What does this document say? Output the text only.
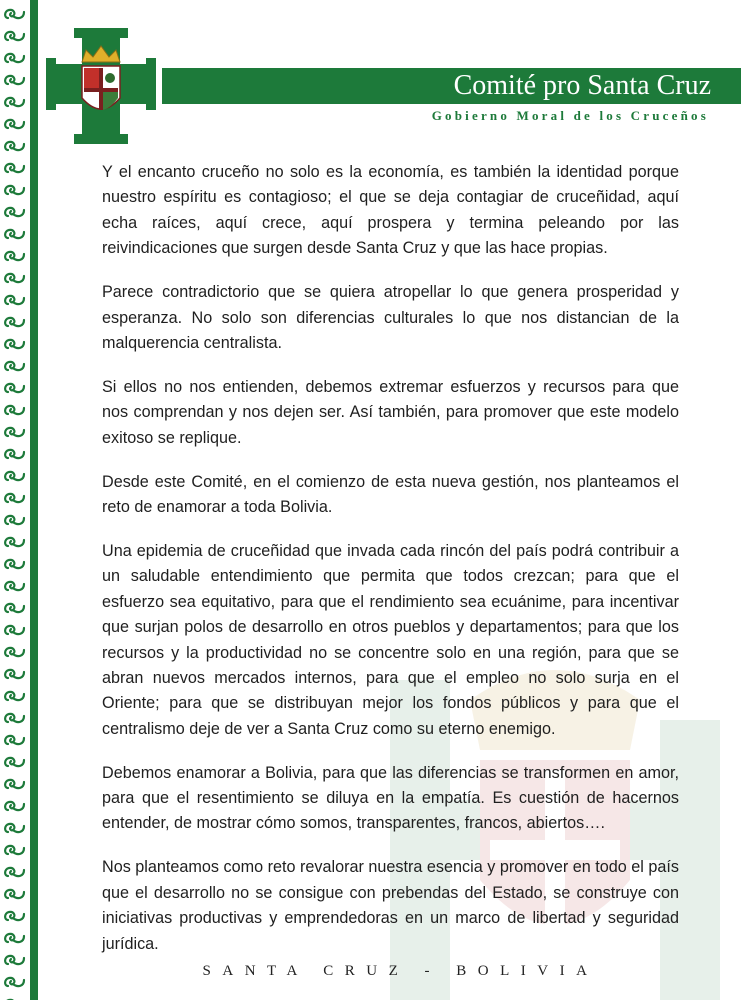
Comité pro Santa Cruz
Gobierno Moral de los Cruceños

Y el encanto cruceño no solo es la economía, es también la identidad porque nuestro espíritu es contagioso; el que se deja contagiar de cruceñidad, aquí echa raíces, aquí crece, aquí prospera y termina peleando por las reivindicaciones que surgen desde Santa Cruz y que las hace propias.

Parece contradictorio que se quiera atropellar lo que genera prosperidad y esperanza. No solo son diferencias culturales lo que nos distancian de la malquerencia centralista.

Si ellos no nos entienden, debemos extremar esfuerzos y recursos para que nos comprendan y nos dejen ser. Así también, para promover que este modelo exitoso se replique.

Desde este Comité, en el comienzo de esta nueva gestión, nos planteamos el reto de enamorar a toda Bolivia.

Una epidemia de cruceñidad que invada cada rincón del país podrá contribuir a un saludable entendimiento que permita que todos crezcan; para que el esfuerzo sea equitativo, para que el rendimiento sea ecuánime, para incentivar que surjan polos de desarrollo en otros pueblos y departamentos; para que los recursos y la productividad no se concentre solo en una región, para que se abran nuevos mercados internos, para que el empleo no solo surja en el Oriente; para que se distribuyan mejor los fondos públicos y para que el centralismo deje de ver a Santa Cruz como su eterno enemigo.

Debemos enamorar a Bolivia, para que las diferencias se transformen en amor, para que el resentimiento se diluya en la empatía. Es cuestión de hacernos entender, de mostrar cómo somos, transparentes, francos, abiertos….

Nos planteamos como reto revalorar nuestra esencia y promover en todo el país que el desarrollo no se consigue con prebendas del Estado, se construye con iniciativas productivas y emprendedoras en un marco de libertad y seguridad jurídica.

SANTA CRUZ - BOLIVIA
